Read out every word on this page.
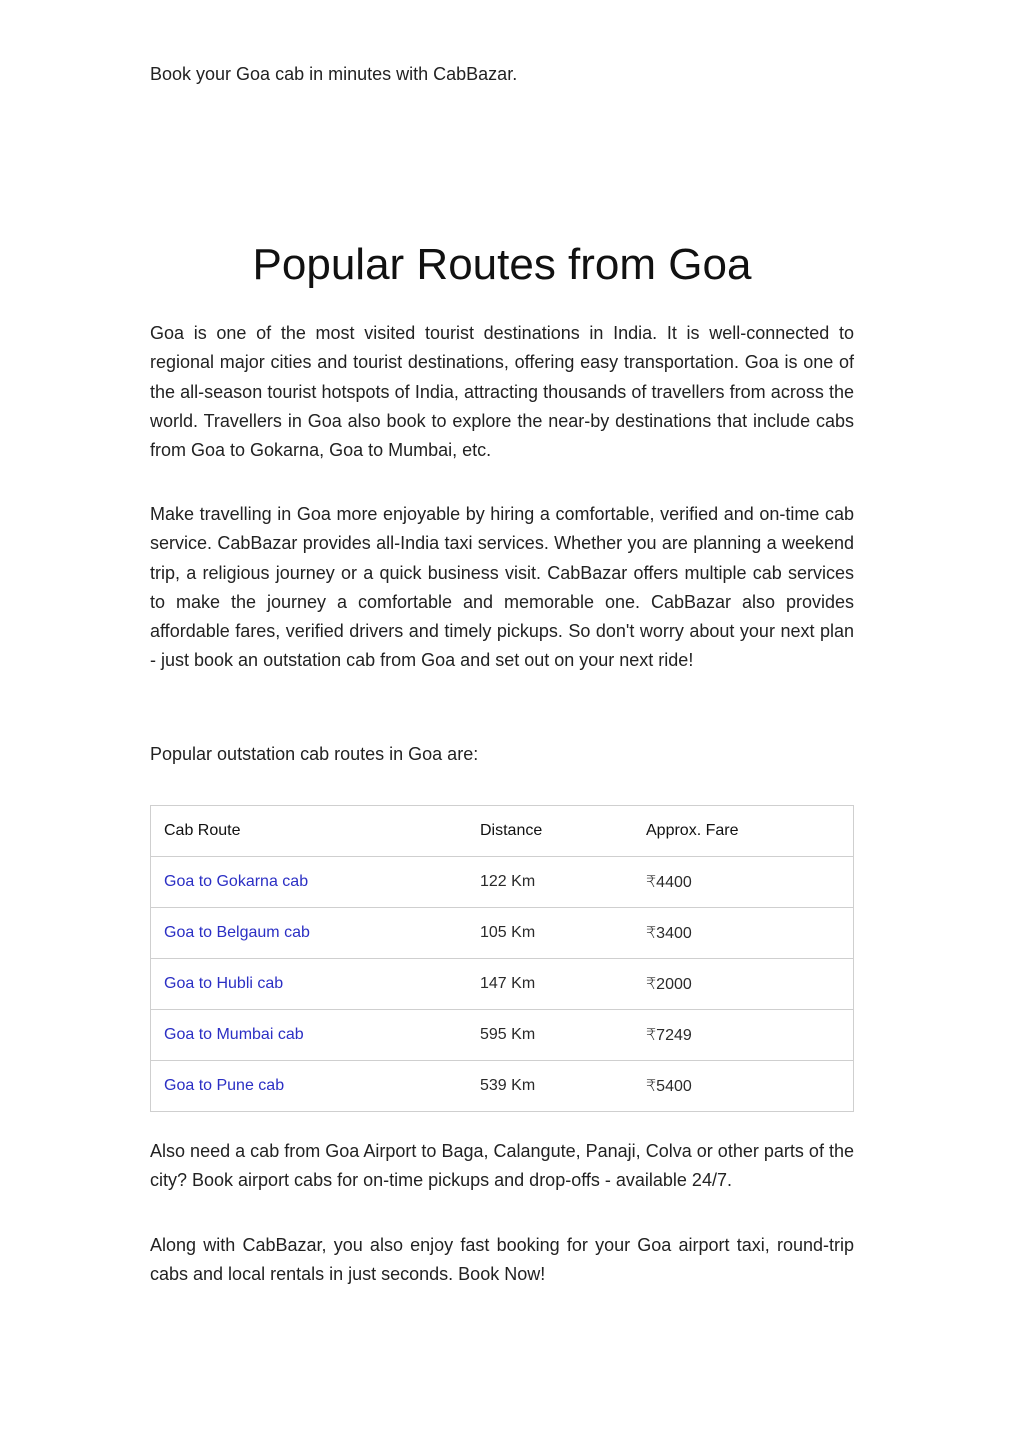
Book your Goa cab in minutes with CabBazar.
Popular Routes from Goa

Goa is one of the most visited tourist destinations in India. It is well-connected to regional major cities and tourist destinations, offering easy transportation. Goa is one of the all-season tourist hotspots of India, attracting thousands of travellers from across the world. Travellers in Goa also book to explore the near-by destinations that include cabs from Goa to Gokarna, Goa to Mumbai, etc.

Make travelling in Goa more enjoyable by hiring a comfortable, verified and on-time cab service. CabBazar provides all-India taxi services. Whether you are planning a weekend trip, a religious journey or a quick business visit. CabBazar offers multiple cab services to make the journey a comfortable and memorable one. CabBazar also provides affordable fares, verified drivers and timely pickups. So don't worry about your next plan - just book an outstation cab from Goa and set out on your next ride!

Popular outstation cab routes in Goa are:

Cab Route	Distance	Approx. Fare
Goa to Gokarna cab	122 Km	₹4400
Goa to Belgaum cab	105 Km	₹3400
Goa to Hubli cab	147 Km	₹2000
Goa to Mumbai cab	595 Km	₹7249
Goa to Pune cab	539 Km	₹5400

Also need a cab from Goa Airport to Baga, Calangute, Panaji, Colva or other parts of the city? Book airport cabs for on-time pickups and drop-offs - available 24/7.

Along with CabBazar, you also enjoy fast booking for your Goa airport taxi, round-trip cabs and local rentals in just seconds. Book Now!
